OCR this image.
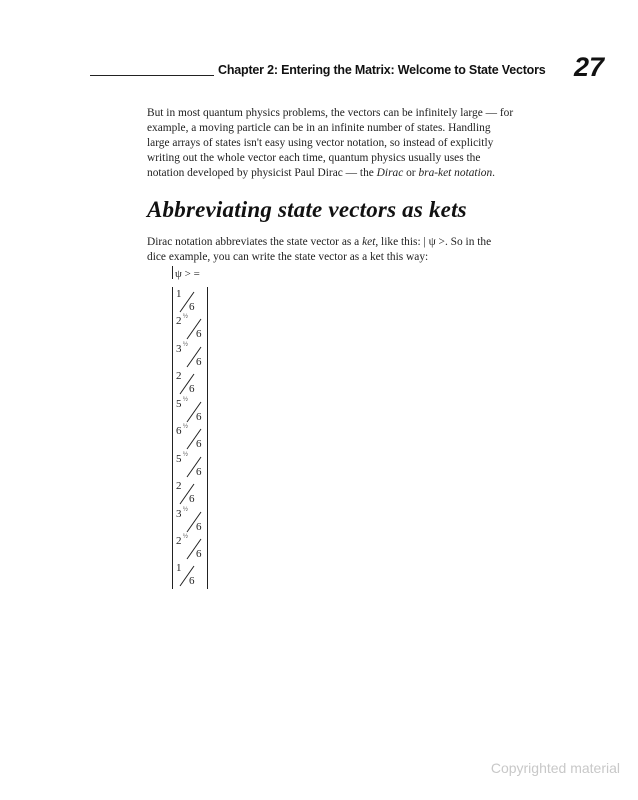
Chapter 2: Entering the Matrix: Welcome to State Vectors 27

But in most quantum physics problems, the vectors can be infinitely large — for

example, a moving particle can be in an infinite number of states. Handling

large arrays of states isn't easy using vector notation, so instead of explicitly

writing out the whole vector each time, quantum physics usually uses the

notation developed by physicist Paul Dirac — the Dirac or bra-ket notation.

Abbreviating state vectors as kets

Dirac notation abbreviates the state vector as a ket, like this: | ψ >. So in the

dice example, you can write the state vector as a ket this way:

ψ > =
1
6
2 ½
6
3 ½
6
2
6
5 ½
6
6 ½
6
5 ½
6
2
6
3 ½
6
2 ½
6
1
6
Copyrighted material
